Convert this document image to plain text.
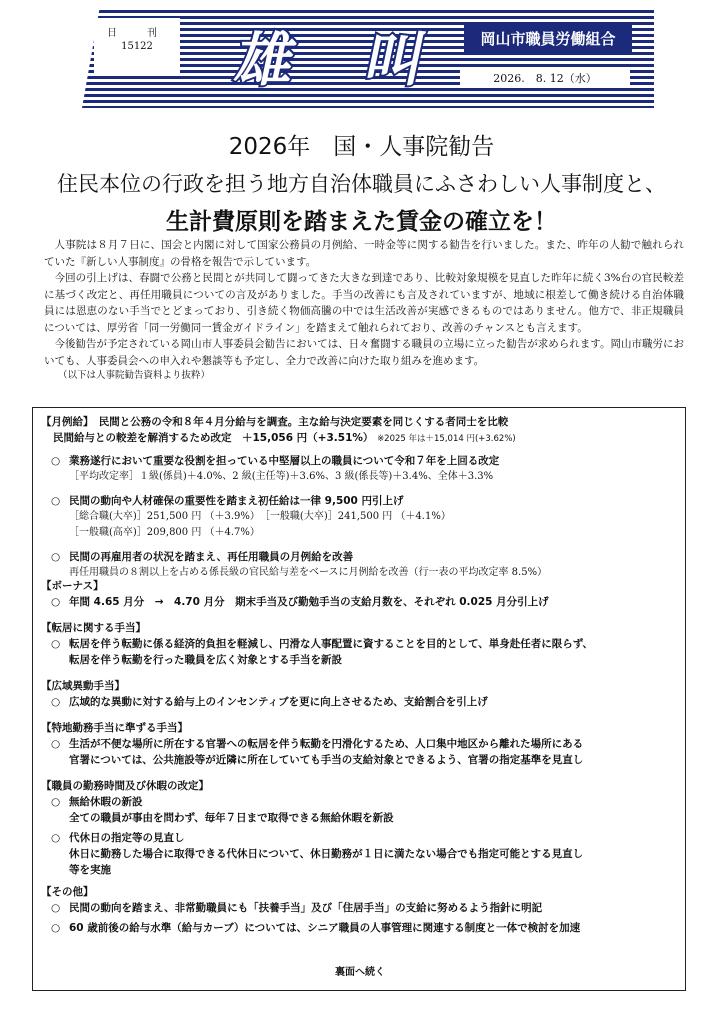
日　刊
15122	雄 叫	岡山市職員労働組合
2026.　8. 12（水）
2026年　国・人事院勧告
住民本位の行政を担う地方自治体職員にふさわしい人事制度と、
生計費原則を踏まえた賃金の確立を！

人事院は８月７日に、国会と内閣に対して国家公務員の月例給、一時金等に関する勧告を行いました。また、昨年の人勧で触れられていた『新しい人事制度』の骨格を報告で示しています。

今回の引上げは、春闘で公務と民間とが共同して闘ってきた大きな到達であり、比較対象規模を見直した昨年に続く3%台の官民較差に基づく改定と、再任用職員についての言及がありました。手当の改善にも言及されていますが、地域に根差して働き続ける自治体職員には恩恵のない手当でとどまっており、引き続く物価高騰の中では生活改善が実感できるものではありません。他方で、非正規職員については、厚労省「同一労働同一賃金ガイドライン」を踏まえて触れられており、改善のチャンスとも言えます。

今後勧告が予定されている岡山市人事委員会勧告においては、日々奮闘する職員の立場に立った勧告が求められます。岡山市職労においても、人事委員会への申入れや懇談等も予定し、全力で改善に向けた取り組みを進めます。

（以下は人事院勧告資料より抜粋）

【月例給】　民間と公務の令和８年４月分給与を調査。主な給与決定要素を同じくする者同士を比較
民間給与との較差を解消するため改定　＋15,056 円（+3.51%） ※2025 年は＋15,014 円(+3.62%)
○ 業務遂行において重要な役割を担っている中堅層以上の職員について令和７年を上回る改定
［平均改定率］１級(係員)＋4.0%、2 級(主任等)＋3.6%、3 級(係長等)＋3.4%、全体＋3.3%
○ 民間の動向や人材確保の重要性を踏まえ初任給は一律 9,500 円引上げ
［総合職(大卒)］251,500 円 （＋3.9%）　［一般職(大卒)］241,500 円 （＋4.1%）
［一般職(高卒)］209,800 円 （＋4.7%）
○ 民間の再雇用者の状況を踏まえ、再任用職員の月例給を改善
再任用職員の８割以上を占める係長級の官民給与差をベースに月例給を改善（行一表の平均改定率 8.5%）
【ボーナス】
○ 年間 4.65 月分　→　4.70 月分　期末手当及び勤勉手当の支給月数を、それぞれ 0.025 月分引上げ
【転居に関する手当】
○ 転居を伴う転勤に係る経済的負担を軽減し、円滑な人事配置に資することを目的として、単身赴任者に限らず、
転居を伴う転勤を行った職員を広く対象とする手当を新設
【広域異動手当】
○ 広域的な異動に対する給与上のインセンティブを更に向上させるため、支給割合を引上げ
【特地勤務手当に準ずる手当】
○ 生活が不便な場所に所在する官署への転居を伴う転勤を円滑化するため、人口集中地区から離れた場所にある
官署については、公共施設等が近隣に所在していても手当の支給対象とできるよう、官署の指定基準を見直し
【職員の勤務時間及び休暇の改定】
○ 無給休暇の新設
全ての職員が事由を問わず、毎年７日まで取得できる無給休暇を新設
○ 代休日の指定等の見直し
休日に勤務した場合に取得できる代休日について、休日勤務が１日に満たない場合でも指定可能とする見直し
等を実施
【その他】
○ 民間の動向を踏まえ、非常勤職員にも「扶養手当」及び「住居手当」の支給に努めるよう指針に明記
○ 60 歳前後の給与水準（給与カーブ）については、シニア職員の人事管理に関連する制度と一体で検討を加速
裏面へ続く
